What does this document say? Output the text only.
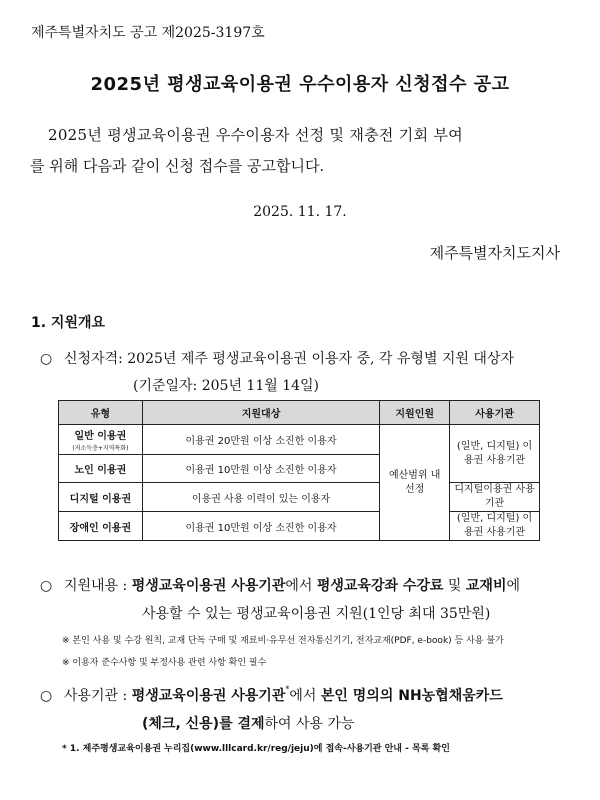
제주특별자치도 공고 제2025-3197호
2025년 평생교육이용권 우수이용자 신청접수 공고
2025년 평생교육이용권 우수이용자 선정 및 재충전 기회 부여
를 위해 다음과 같이 신청 접수를 공고합니다.
2025. 11. 17.
제주특별자치도지사
1. 지원개요
○ 신청자격: 2025년 제주 평생교육이용권 이용자 중, 각 유형별 지원 대상자
(기준일자: 205년 11월 14일)
유형	지원대상	지원인원	사용기관
일반 이용권
(저소득층+지역특화)	이용권 20만원 이상 소진한 이용자	예산범위 내 선정	(일반, 디지털) 이용권 사용기관
노인 이용권	이용권 10만원 이상 소진한 이용자		
디지털 이용권	이용권 사용 이력이 있는 이용자		디지털이용권 사용기관
장애인 이용권	이용권 10만원 이상 소진한 이용자		(일반, 디지털) 이용권 사용기관
○ 지원내용 : 평생교육이용권 사용기관에서 평생교육강좌 수강료 및 교재비에
사용할 수 있는 평생교육이용권 지원(1인당 최대 35만원)
※ 본인 사용 및 수강 원칙, 교재 단독 구매 및 재료비·유무선 전자통신기기, 전자교재(PDF, e-book) 등 사용 불가
※ 이용자 준수사항 및 부정사용 관련 사항 확인 필수
○ 사용기관 : 평생교육이용권 사용기관*에서 본인 명의의 NH농협채움카드
(체크, 신용)를 결제하여 사용 가능
* 1. 제주평생교육이용권 누리집(www.lllcard.kr/reg/jeju)에 접속-사용기관 안내 - 목록 확인
